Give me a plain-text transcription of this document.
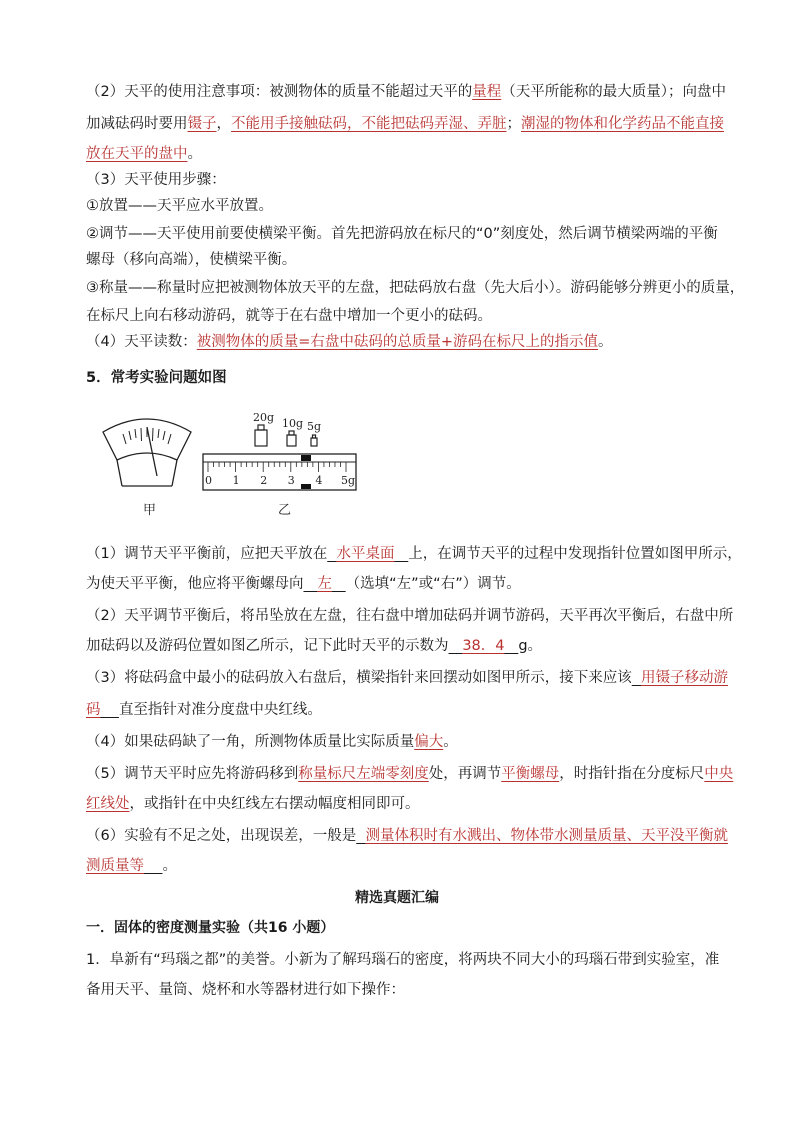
（2）天平的使用注意事项：被测物体的质量不能超过天平的量程（天平所能称的最大质量）；向盘中
加减砝码时要用镊子，不能用手接触砝码，不能把砝码弄湿、弄脏；潮湿的物体和化学药品不能直接
放在天平的盘中。
（3）天平使用步骤：
①放置——天平应水平放置。
②调节——天平使用前要使横梁平衡。首先把游码放在标尺的“0”刻度处，然后调节横梁两端的平衡
螺母（移向高端），使横梁平衡。
③称量——称量时应把被测物体放天平的左盘，把砝码放右盘（先大后小）。游码能够分辨更小的质量，
在标尺上向右移动游码，就等于在右盘中增加一个更小的砝码。
（4）天平读数：被测物体的质量=右盘中砝码的总质量+游码在标尺上的指示值。
5．常考实验问题如图
甲
20g 10g 5g
0 1 2 3 4 5g
乙
（1）调节天平平衡前，应把天平放在 水平桌面 上，在调节天平的过程中发现指针位置如图甲所示，
为使天平平衡，他应将平衡螺母向 左 （选填“左”或“右”）调节。
（2）天平调节平衡后，将吊坠放在左盘，往右盘中增加砝码并调节游码，天平再次平衡后，右盘中所
加砝码以及游码位置如图乙所示，记下此时天平的示数为 38．4 g。
（3）将砝码盒中最小的砝码放入右盘后，横梁指针来回摆动如图甲所示，接下来应该 用镊子移动游
码 直至指针对准分度盘中央红线。
（4）如果砝码缺了一角，所测物体质量比实际质量偏大。
（5）调节天平时应先将游码移到称量标尺左端零刻度处，再调节平衡螺母，时指针指在分度标尺中央
红线处，或指针在中央红线左右摆动幅度相同即可。
（6）实验有不足之处，出现误差，一般是 测量体积时有水溅出、物体带水测量质量、天平没平衡就
测质量等 。
精选真题汇编
一．固体的密度测量实验（共16 小题）
1．阜新有“玛瑙之都”的美誉。小新为了解玛瑙石的密度，将两块不同大小的玛瑙石带到实验室，准
备用天平、量筒、烧杯和水等器材进行如下操作：
